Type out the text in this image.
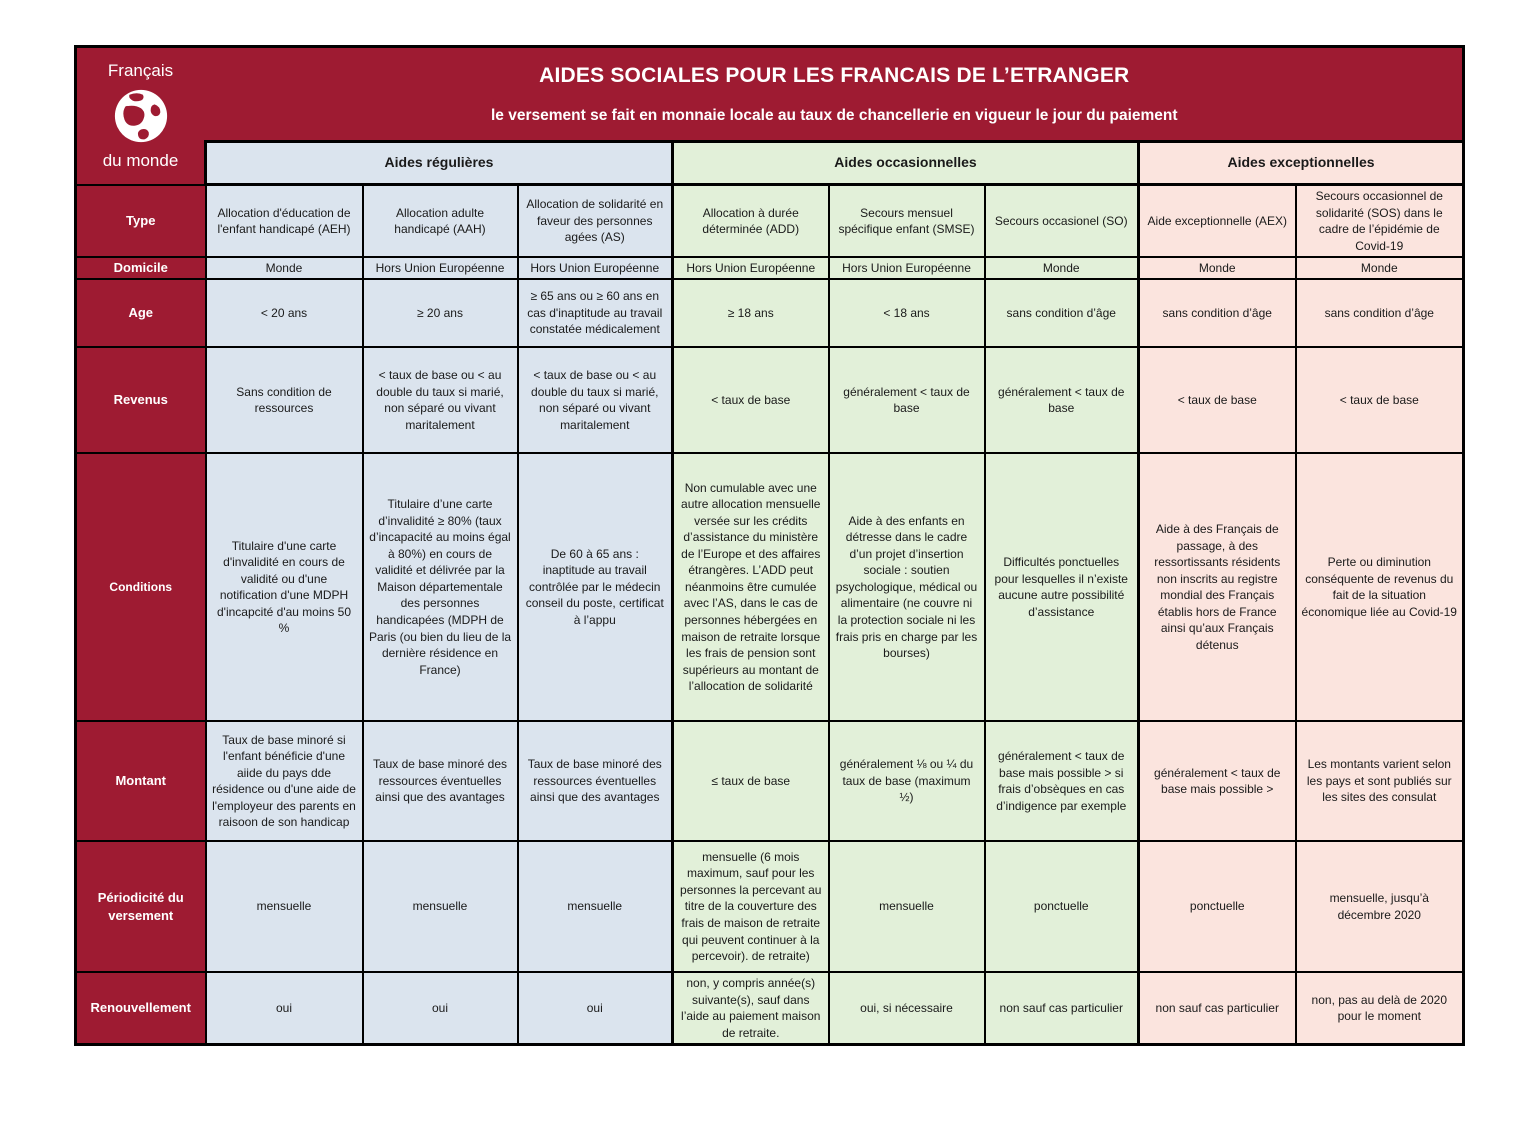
Français
du monde

AIDES SOCIALES POUR LES FRANCAIS DE L’ETRANGER
le versement se fait en monnaie locale au taux de chancellerie en vigueur le jour du paiement

	Aides régulières			Aides occasionnelles			Aides exceptionnelles	
Type	Allocation d'éducation de l'enfant handicapé (AEH)	Allocation adulte handicapé (AAH)	Allocation de solidarité en faveur des personnes agées (AS)	Allocation à durée déterminée (ADD)	Secours mensuel spécifique enfant (SMSE)	Secours occasionel (SO)	Aide exceptionnelle (AEX)	Secours occasionnel de solidarité (SOS) dans le cadre de l’épidémie de Covid-19
Domicile	Monde	Hors Union Européenne	Hors Union Européenne	Hors Union Européenne	Hors Union Européenne	Monde	Monde	Monde
Age	< 20 ans	≥ 20 ans	≥ 65 ans ou ≥ 60 ans en cas d'inaptitude au travail constatée médicalement	≥ 18 ans	< 18 ans	sans condition d’âge	sans condition d’âge	sans condition d’âge
Revenus	Sans condition de ressources	< taux de base ou < au double du taux si marié, non séparé ou vivant maritalement	< taux de base ou < au double du taux si marié, non séparé ou vivant maritalement	< taux de base	généralement < taux de base	généralement < taux de base	< taux de base	< taux de base
Conditions	Titulaire d'une carte d'invalidité en cours de validité ou d'une notification d'une MDPH d'incapcité d'au moins 50 %	Titulaire d’une carte d’invalidité ≥ 80% (taux d’incapacité au moins égal à 80%) en cours de validité et délivrée par la Maison départementale des personnes handicapées (MDPH de Paris (ou bien du lieu de la dernière résidence en France)	De 60 à 65 ans : inaptitude au travail contrôlée par le médecin conseil du poste, certificat à l’appu	Non cumulable avec une autre allocation mensuelle versée sur les crédits d’assistance du ministère de l’Europe et des affaires étrangères. L’ADD peut néanmoins être cumulée avec l’AS, dans le cas de personnes hébergées en maison de retraite lorsque les frais de pension sont supérieurs au montant de l’allocation de solidarité	Aide à des enfants en détresse dans le cadre d’un projet d’insertion sociale : soutien psychologique, médical ou alimentaire (ne couvre ni la protection sociale ni les frais pris en charge par les bourses)	Difficultés ponctuelles pour lesquelles il n’existe aucune autre possibilité d’assistance	Aide à des Français de passage, à des ressortissants résidents non inscrits au registre mondial des Français établis hors de France ainsi qu’aux Français détenus	Perte ou diminution conséquente de revenus du fait de la situation économique liée au Covid-19
Montant	Taux de base minoré si l'enfant bénéficie d'une aiide du pays dde résidence ou d'une aide de l'employeur des parents en raisoon de son handicap	Taux de base minoré des ressources éventuelles ainsi que des avantages	Taux de base minoré des ressources éventuelles ainsi que des avantages	≤ taux de base	généralement ⅛ ou ¼ du taux de base (maximum ½)	généralement < taux de base mais possible > si frais d’obsèques en cas d’indigence par exemple	généralement < taux de base mais possible >	Les montants varient selon les pays et sont publiés sur les sites des consulat
Périodicité du versement	mensuelle	mensuelle	mensuelle	mensuelle (6 mois maximum, sauf pour les personnes la percevant au titre de la couverture des frais de maison de retraite qui peuvent continuer à la percevoir). de retraite)	mensuelle	ponctuelle	ponctuelle	mensuelle, jusqu’à décembre 2020
Renouvellement	oui	oui	oui	non, y compris année(s) suivante(s), sauf dans l’aide au paiement maison de retraite.	oui, si nécessaire	non sauf cas particulier	non sauf cas particulier	non, pas au delà de 2020 pour le moment
